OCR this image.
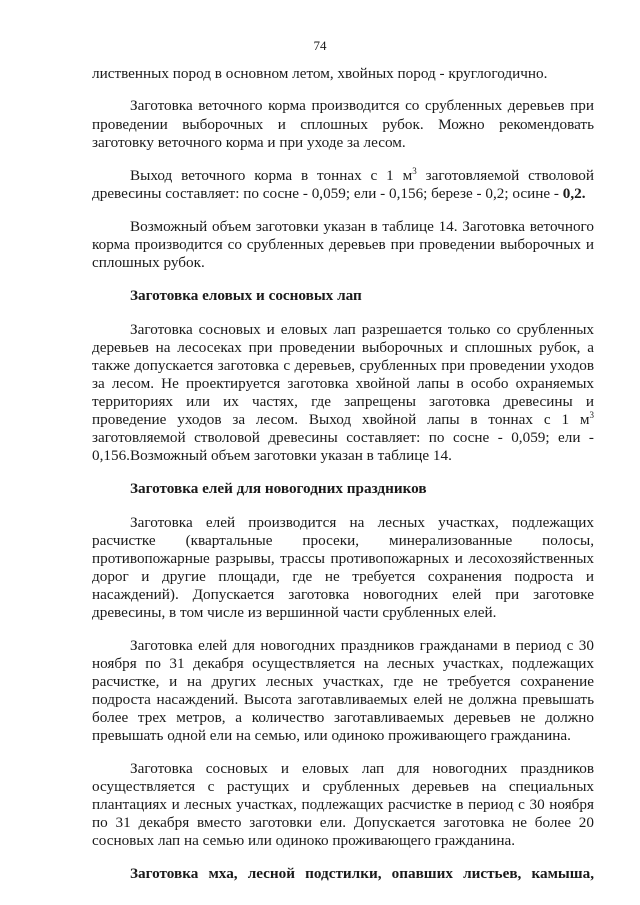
74
лиственных пород в основном летом, хвойных пород - круглогодично.
Заготовка веточного корма производится со срубленных деревьев при
проведении выборочных и сплошных рубок. Можно рекомендовать
заготовку веточного корма и при уходе за лесом.
Выход веточного корма в тоннах с 1 $м^3$ заготовляемой стволовой
древесины составляет: по сосне - 0,059; ели - 0,156; березе - 0,2; осине - 0,2.
Возможный объем заготовки указан в таблице 14. Заготовка веточного
корма производится со срубленных деревьев при проведении выборочных и
сплошных рубок.
Заготовка еловых и сосновых лап
Заготовка сосновых и еловых лап разрешается только со срубленных
деревьев на лесосеках при проведении выборочных и сплошных рубок, а
также допускается заготовка с деревьев, срубленных при проведении уходов
за лесом. Не проектируется заготовка хвойной лапы в особо охраняемых
территориях или их частях, где запрещены заготовка древесины и
проведение уходов за лесом. Выход хвойной лапы в тоннах с 1 $м^3$
заготовляемой стволовой древесины составляет: по сосне - 0,059; ели -
0,156.Возможный объем заготовки указан в таблице 14.
Заготовка елей для новогодних праздников
Заготовка елей производится на лесных участках, подлежащих
расчистке (квартальные просеки, минерализованные полосы,
противопожарные разрывы, трассы противопожарных и лесохозяйственных
дорог и другие площади, где не требуется сохранения подроста и
насаждений). Допускается заготовка новогодних елей при заготовке
древесины, в том числе из вершинной части срубленных елей.
Заготовка елей для новогодних праздников гражданами в период с 30
ноября по 31 декабря осуществляется на лесных участках, подлежащих
расчистке, и на других лесных участках, где не требуется сохранение
подроста насаждений. Высота заготавливаемых елей не должна превышать
более трех метров, а количество заготавливаемых деревьев не должно
превышать одной ели на семью, или одиноко проживающего гражданина.
Заготовка сосновых и еловых лап для новогодних праздников
осуществляется с растущих и срубленных деревьев на специальных
плантациях и лесных участках, подлежащих расчистке в период с 30 ноября
по 31 декабря вместо заготовки ели. Допускается заготовка не более 20
сосновых лап на семью или одиноко проживающего гражданина.
Заготовка мха, лесной подстилки, опавших листьев, камыша,
